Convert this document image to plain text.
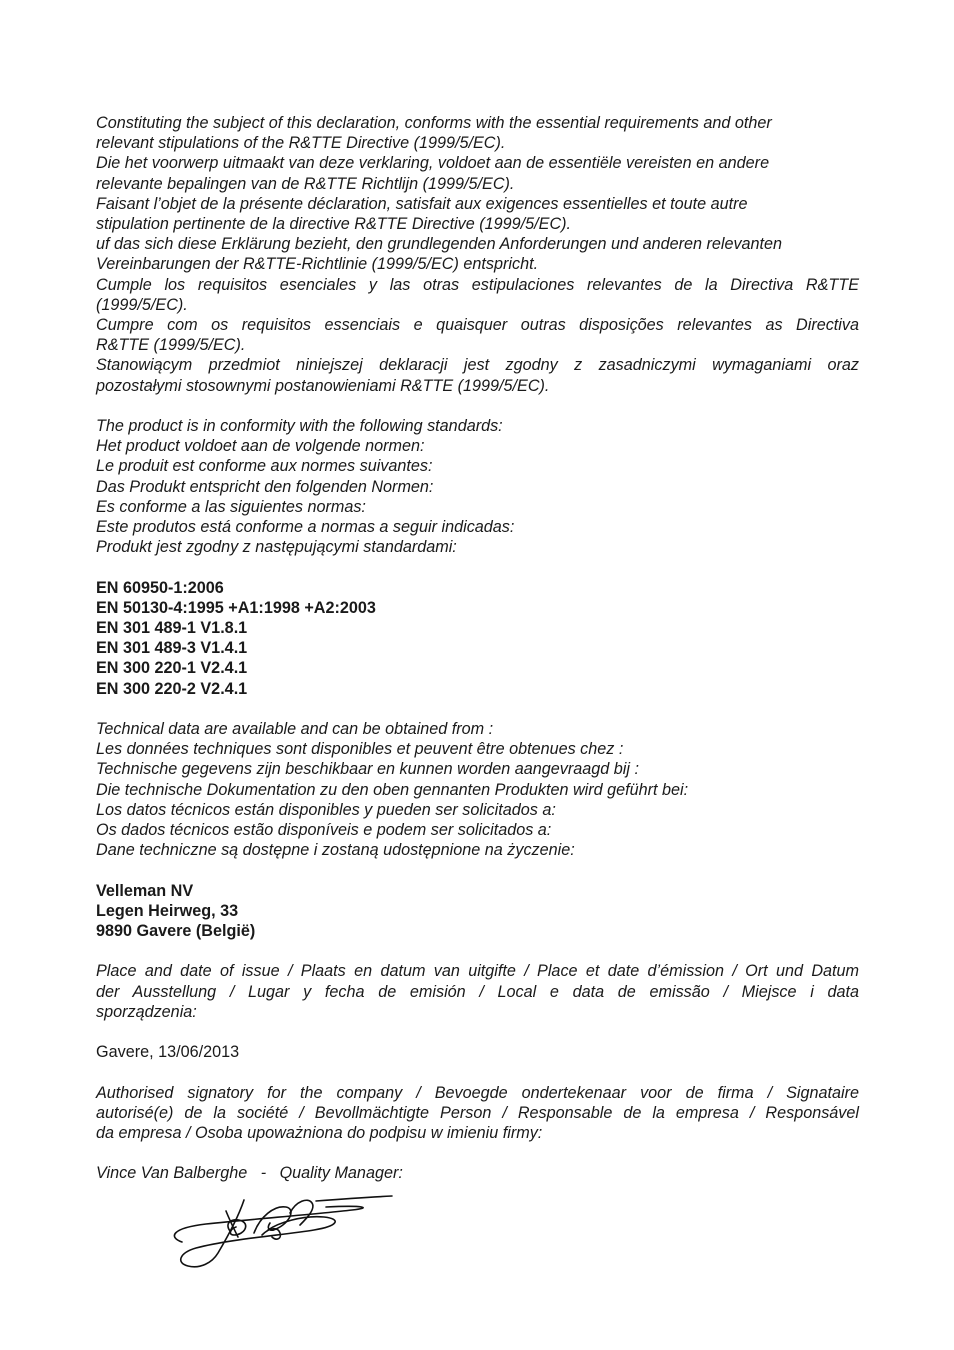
Constituting the subject of this declaration, conforms with the essential requirements and other
relevant stipulations of the R&TTE Directive (1999/5/EC).
Die het voorwerp uitmaakt van deze verklaring, voldoet aan de essentiële vereisten en andere
relevante bepalingen van de R&TTE Richtlijn (1999/5/EC).
Faisant l’objet de la présente déclaration, satisfait aux exigences essentielles et toute autre
stipulation pertinente de la directive R&TTE Directive (1999/5/EC).
uf das sich diese Erklärung bezieht, den grundlegenden Anforderungen und anderen relevanten
Vereinbarungen der R&TTE-Richtlinie (1999/5/EC) entspricht.
Cumple los requisitos esenciales y las otras estipulaciones relevantes de la Directiva R&TTE
(1999/5/EC).
Cumpre com os requisitos essenciais e quaisquer outras disposições relevantes as Directiva
R&TTE (1999/5/EC).
Stanowiącym przedmiot niniejszej deklaracji jest zgodny z zasadniczymi wymaganiami oraz
pozostałymi stosownymi postanowieniami R&TTE (1999/5/EC).
The product is in conformity with the following standards:
Het product voldoet aan de volgende normen:
Le produit est conforme aux normes suivantes:
Das Produkt entspricht den folgenden Normen:
Es conforme a las siguientes normas:
Este produtos está conforme a normas a seguir indicadas:
Produkt jest zgodny z następującymi standardami:
EN 60950-1:2006
EN 50130-4:1995 +A1:1998 +A2:2003
EN 301 489-1 V1.8.1
EN 301 489-3 V1.4.1
EN 300 220-1 V2.4.1
EN 300 220-2 V2.4.1
Technical data are available and can be obtained from :
Les données techniques sont disponibles et peuvent être obtenues chez :
Technische gegevens zijn beschikbaar en kunnen worden aangevraagd bij :
Die technische Dokumentation zu den oben gennanten Produkten wird geführt bei:
Los datos técnicos están disponibles y pueden ser solicitados a:
Os dados técnicos estão disponíveis e podem ser solicitados a:
Dane techniczne są dostępne i zostaną udostępnione na życzenie:
Velleman NV
Legen Heirweg, 33
9890 Gavere (België)
Place and date of issue / Plaats en datum van uitgifte / Place et date d’émission / Ort und Datum
der Ausstellung / Lugar y fecha de emisión / Local e data de emissão / Miejsce i data
sporządzenia:
Gavere, 13/06/2013
Authorised signatory for the company / Bevoegde ondertekenaar voor de firma / Signataire
autorisé(e) de la société / Bevollmächtigte Person / Responsable de la empresa / Responsável
da empresa / Osoba upoważniona do podpisu w imieniu firmy:
Vince Van Balberghe   -   Quality Manager:
